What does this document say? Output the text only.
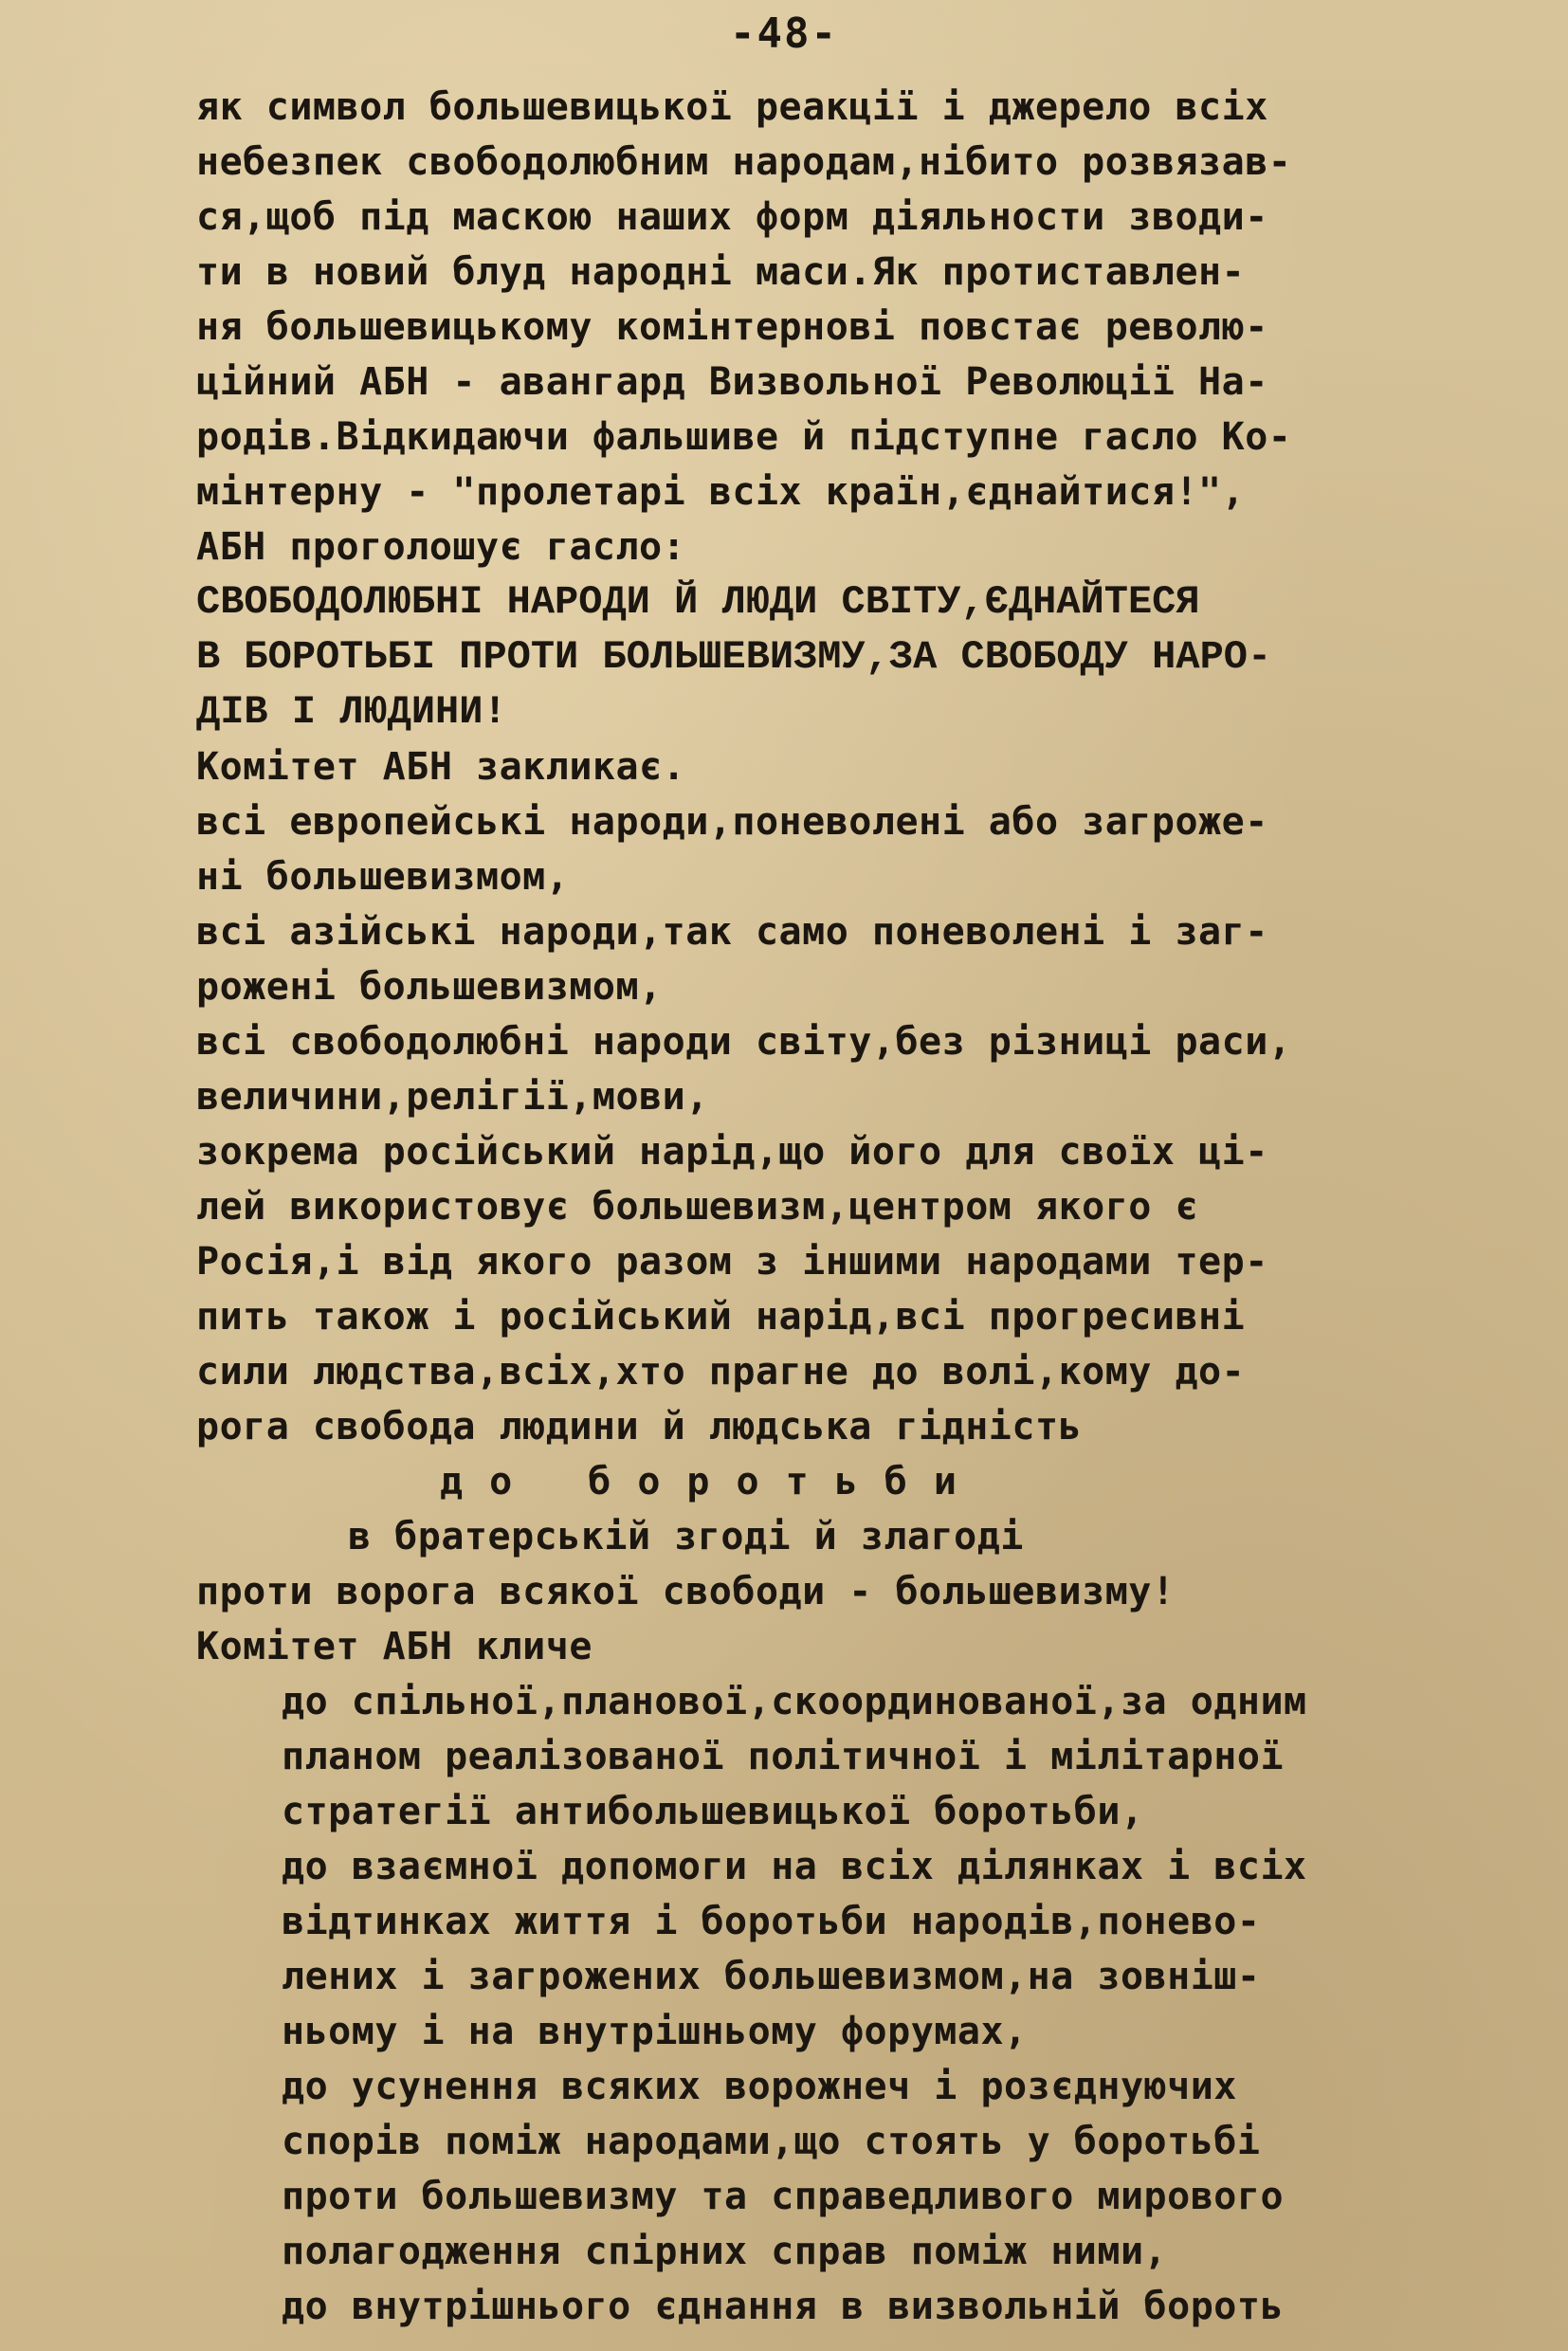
-48-
як символ большевицької реакції і джерело всіх
небезпек свободолюбним народам,нібито розвязав-
ся,щоб під маскою наших форм діяльности зводи-
ти в новий блуд народні маси.Як протиставлен-
ня большевицькому комінтернові повстає револю-
ційний АБН - авангард Визвольної Революції На-
родів.Відкидаючи фальшиве й підступне гасло Ко-
мінтерну - "пролетарі всіх країн,єднайтися!",
АБН проголошує гасло:
СВОБОДОЛЮБНІ НАРОДИ Й ЛЮДИ СВІТУ,ЄДНАЙТЕСЯ
В БОРОТЬБІ ПРОТИ БОЛЬШЕВИЗМУ,ЗА СВОБОДУ НАРО-
ДІВ І ЛЮДИНИ!
Комітет АБН закликає.
всі европейські народи,поневолені або загроже-
ні большевизмом,
всі азійські народи,так само поневолені і заг-
рожені большевизмом,
всі свободолюбні народи світу,без різниці раси,
величини,релігії,мови,
зокрема російський нарід,що його для своїх ці-
лей використовує большевизм,центром якого є
Росія,і від якого разом з іншими народами тер-
пить також і російський нарід,всі прогресивні
сили людства,всіх,хто прагне до волі,кому до-
рога свобода людини й людська гідність
до боротьби
в братерській згоді й злагоді
проти ворога всякої свободи - большевизму!
Комітет АБН кличе
до спільної,планової,скоординованої,за одним
планом реалізованої політичної і мілітарної
стратегії антибольшевицької боротьби,
до взаємної допомоги на всіх ділянках і всіх
відтинках життя і боротьби народів,понево-
лених і загрожених большевизмом,на зовніш-
ньому і на внутрішньому форумах,
до усунення всяких ворожнеч і розєднуючих
спорів поміж народами,що стоять у боротьбі
проти большевизму та справедливого мирового
полагодження спірних справ поміж ними,
до внутрішнього єднання в визвольній бороть
